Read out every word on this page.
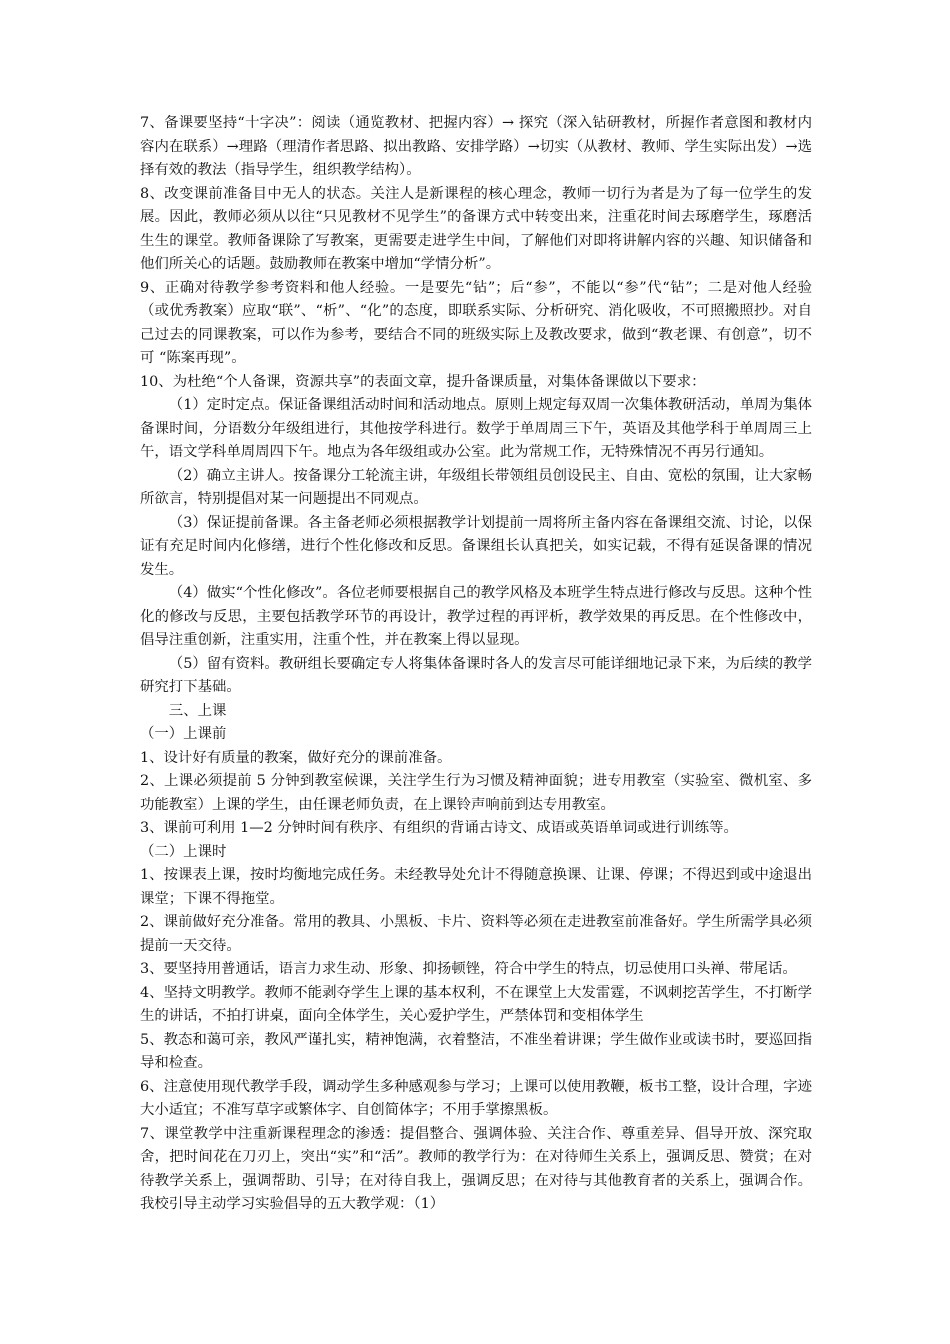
7、备课要坚持“十字决”：阅读（通览教材、把握内容）→ 探究（深入钻研教材，所握作者意图和教材内容内在联系）→理路（理清作者思路、拟出教路、安排学路）→切实（从教材、教师、学生实际出发）→选择有效的教法（指导学生，组织教学结构）。

8、改变课前准备目中无人的状态。关注人是新课程的核心理念，教师一切行为者是为了每一位学生的发展。因此，教师必须从以往“只见教材不见学生”的备课方式中转变出来，注重花时间去琢磨学生，琢磨活生生的课堂。教师备课除了写教案，更需要走进学生中间，了解他们对即将讲解内容的兴趣、知识储备和他们所关心的话题。鼓励教师在教案中增加“学情分析”。

9、正确对待教学参考资料和他人经验。一是要先“钻”；后“参”，不能以“参”代“钻”；二是对他人经验（或优秀教案）应取“联”、“析”、“化”的态度，即联系实际、分析研究、消化吸收，不可照搬照抄。对自己过去的同课教案，可以作为参考，要结合不同的班级实际上及教改要求，做到“教老课、有创意”，切不可 “陈案再现”。

10、为杜绝“个人备课，资源共享”的表面文章，提升备课质量，对集体备课做以下要求：

（1）定时定点。保证备课组活动时间和活动地点。原则上规定每双周一次集体教研活动，单周为集体备课时间，分语数分年级组进行，其他按学科进行。数学于单周周三下午，英语及其他学科于单周周三上午，语文学科单周周四下午。地点为各年级组或办公室。此为常规工作，无特殊情况不再另行通知。

（2）确立主讲人。按备课分工轮流主讲，年级组长带领组员创设民主、自由、宽松的氛围，让大家畅所欲言，特别提倡对某一问题提出不同观点。

（3）保证提前备课。各主备老师必须根据教学计划提前一周将所主备内容在备课组交流、讨论，以保证有充足时间内化修缮，进行个性化修改和反思。备课组长认真把关，如实记载，不得有延误备课的情况发生。

（4）做实“个性化修改”。各位老师要根据自己的教学风格及本班学生特点进行修改与反思。这种个性化的修改与反思，主要包括教学环节的再设计，教学过程的再评析，教学效果的再反思。在个性修改中，倡导注重创新，注重实用，注重个性，并在教案上得以显现。

（5）留有资料。教研组长要确定专人将集体备课时各人的发言尽可能详细地记录下来，为后续的教学研究打下基础。

三、上课

（一）上课前

1、设计好有质量的教案，做好充分的课前准备。

2、上课必须提前 5 分钟到教室候课，关注学生行为习惯及精神面貌；进专用教室（实验室、微机室、多功能教室）上课的学生，由任课老师负责，在上课铃声响前到达专用教室。

3、课前可利用 1—2 分钟时间有秩序、有组织的背诵古诗文、成语或英语单词或进行训练等。

（二）上课时

1、按课表上课，按时均衡地完成任务。未经教导处允计不得随意换课、让课、停课；不得迟到或中途退出课堂；下课不得拖堂。

2、课前做好充分准备。常用的教具、小黑板、卡片、资料等必须在走进教室前准备好。学生所需学具必须提前一天交待。

3、要坚持用普通话，语言力求生动、形象、抑扬顿锉，符合中学生的特点，切忌使用口头禅、带尾话。

4、坚持文明教学。教师不能剥夺学生上课的基本权利，不在课堂上大发雷霆，不讽刺挖苦学生，不打断学生的讲话，不拍打讲桌，面向全体学生，关心爱护学生，严禁体罚和变相体学生

5、教态和蔼可亲，教风严谨扎实，精神饱满，衣着整洁，不准坐着讲课；学生做作业或读书时，要巡回指导和检查。

6、注意使用现代教学手段，调动学生多种感观参与学习；上课可以使用教鞭，板书工整，设计合理，字迹大小适宜；不准写草字或繁体字、自创简体字；不用手掌擦黑板。

7、课堂教学中注重新课程理念的渗透：提倡整合、强调体验、关注合作、尊重差异、倡导开放、深究取舍，把时间花在刀刃上，突出“实”和“活”。教师的教学行为：在对待师生关系上，强调反思、赞赏；在对待教学关系上，强调帮助、引导；在对待自我上，强调反思；在对待与其他教育者的关系上，强调合作。我校引导主动学习实验倡导的五大教学观：（1）
